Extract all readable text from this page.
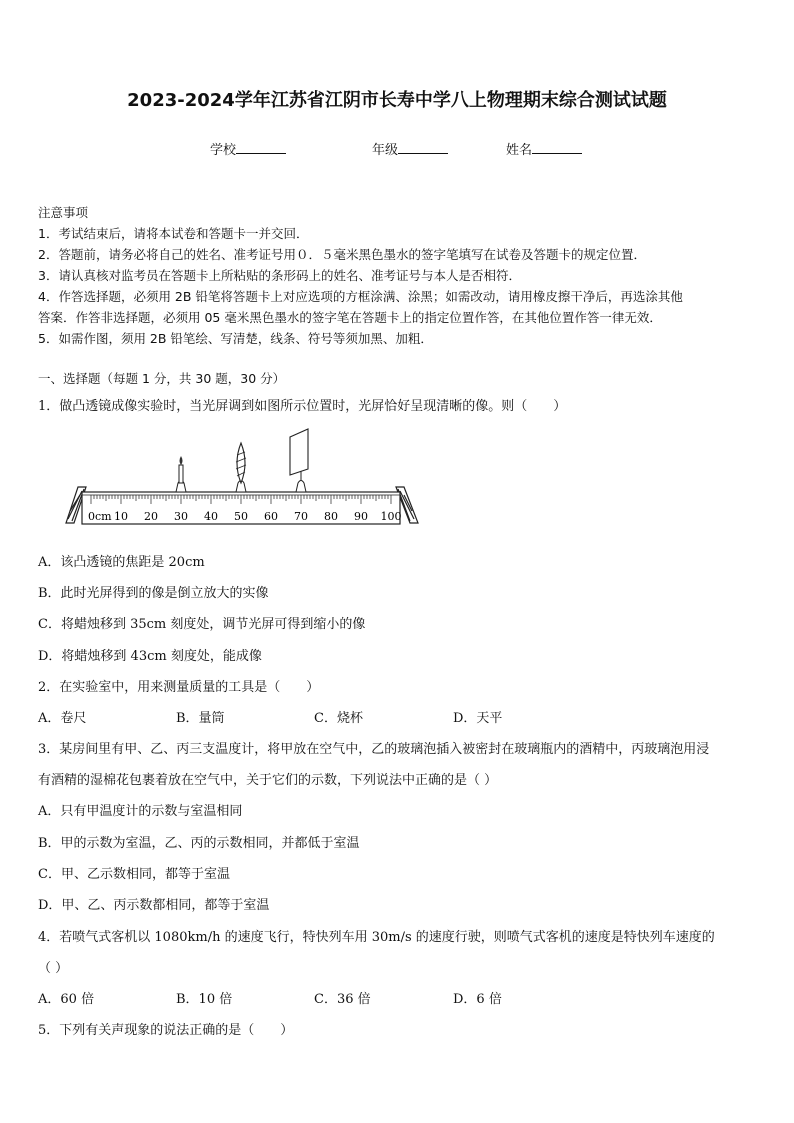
2023-2024学年江苏省江阴市长寿中学八上物理期末综合测试试题
学校	年级	姓名
注意事项
1．考试结束后，请将本试卷和答题卡一并交回．
2．答题前，请务必将自己的姓名、准考证号用０．５毫米黑色墨水的签字笔填写在试卷及答题卡的规定位置．
3．请认真核对监考员在答题卡上所粘贴的条形码上的姓名、准考证号与本人是否相符．
4．作答选择题，必须用 2B 铅笔将答题卡上对应选项的方框涂满、涂黑；如需改动，请用橡皮擦干净后，再选涂其他
答案．作答非选择题，必须用 05 毫米黑色墨水的签字笔在答题卡上的指定位置作答，在其他位置作答一律无效．
5．如需作图，须用 2B 铅笔绘、写清楚，线条、符号等须加黑、加粗．
一、选择题（每题 1 分，共 30 题，30 分）
1．做凸透镜成像实验时，当光屏调到如图所示位置时，光屏恰好呈现清晰的像。则（　　）
0cm 10 20 30 40 50 60 70 80 90 100
A．该凸透镜的焦距是 20cm
B．此时光屏得到的像是倒立放大的实像
C．将蜡烛移到 35cm 刻度处，调节光屏可得到缩小的像
D．将蜡烛移到 43cm 刻度处，能成像
2．在实验室中，用来测量质量的工具是（　　）
A．卷尺	B．量筒	C．烧杯	D．天平
3．某房间里有甲、乙、丙三支温度计，将甲放在空气中，乙的玻璃泡插入被密封在玻璃瓶内的酒精中，丙玻璃泡用浸
有酒精的湿棉花包裹着放在空气中，关于它们的示数，下列说法中正确的是（ ）
A．只有甲温度计的示数与室温相同
B．甲的示数为室温，乙、丙的示数相同，并都低于室温
C．甲、乙示数相同，都等于室温
D．甲、乙、丙示数都相同，都等于室温
4．若喷气式客机以 1080km/h 的速度飞行，特快列车用 30m/s 的速度行驶，则喷气式客机的速度是特快列车速度的
（ ）
A．60 倍	B．10 倍	C．36 倍	D．6 倍
5．下列有关声现象的说法正确的是（　　）
